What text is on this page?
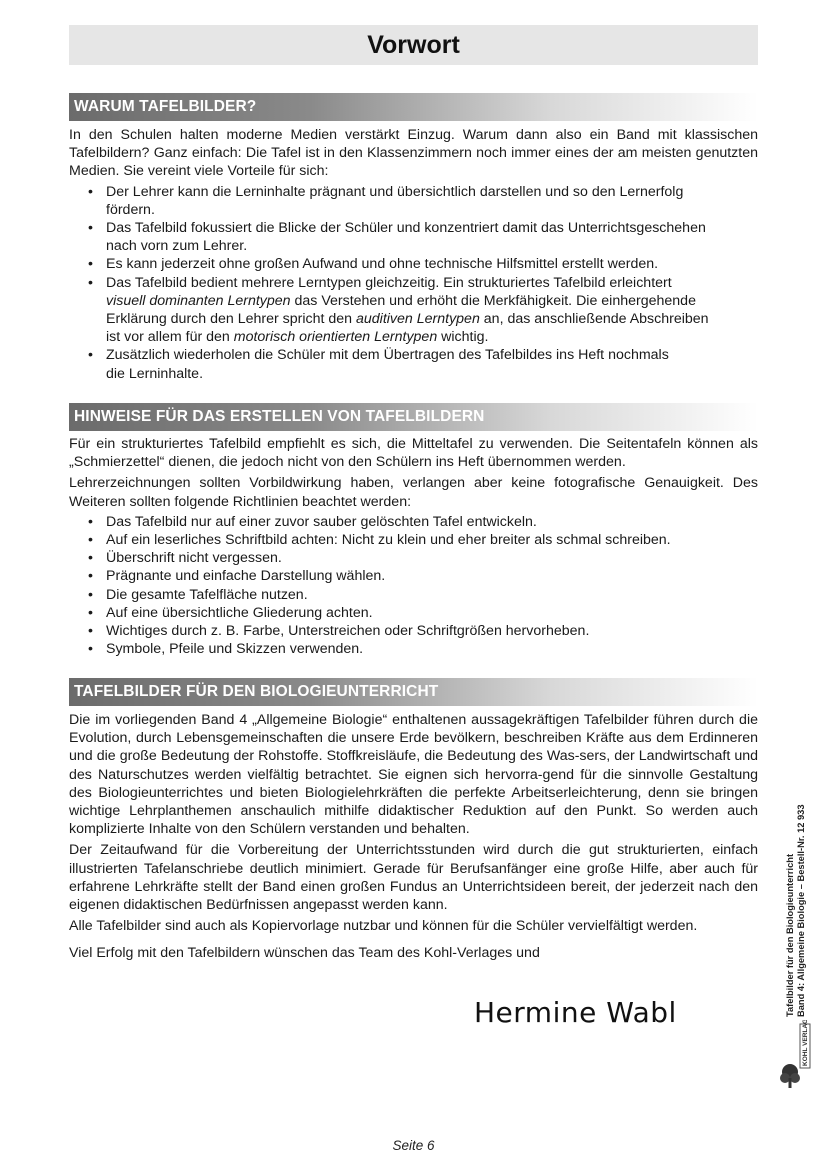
Vorwort
WARUM TAFELBILDER?

In den Schulen halten moderne Medien verstärkt Einzug. Warum dann also ein Band mit klassischen Tafelbildern? Ganz einfach: Die Tafel ist in den Klassenzimmern noch immer eines der am meisten genutzten Medien. Sie vereint viele Vorteile für sich:

• Der Lehrer kann die Lerninhalte prägnant und übersichtlich darstellen und so den Lernerfolg
fördern.
• Das Tafelbild fokussiert die Blicke der Schüler und konzentriert damit das Unterrichtsgeschehen
nach vorn zum Lehrer.
• Es kann jederzeit ohne großen Aufwand und ohne technische Hilfsmittel erstellt werden.
• Das Tafelbild bedient mehrere Lerntypen gleichzeitig. Ein strukturiertes Tafelbild erleichtert
visuell dominanten Lerntypen das Verstehen und erhöht die Merkfähigkeit. Die einhergehende
Erklärung durch den Lehrer spricht den auditiven Lerntypen an, das anschließende Abschreiben
ist vor allem für den motorisch orientierten Lerntypen wichtig.
• Zusätzlich wiederholen die Schüler mit dem Übertragen des Tafelbildes ins Heft nochmals
die Lerninhalte.
HINWEISE FÜR DAS ERSTELLEN VON TAFELBILDERN

Für ein strukturiertes Tafelbild empfiehlt es sich, die Mitteltafel zu verwenden. Die Seitentafeln können als „Schmierzettel“ dienen, die jedoch nicht von den Schülern ins Heft übernommen werden.

Lehrerzeichnungen sollten Vorbildwirkung haben, verlangen aber keine fotografische Genauigkeit. Des Weiteren sollten folgende Richtlinien beachtet werden:

• Das Tafelbild nur auf einer zuvor sauber gelöschten Tafel entwickeln.
• Auf ein leserliches Schriftbild achten: Nicht zu klein und eher breiter als schmal schreiben.
• Überschrift nicht vergessen.
• Prägnante und einfache Darstellung wählen.
• Die gesamte Tafelfläche nutzen.
• Auf eine übersichtliche Gliederung achten.
• Wichtiges durch z. B. Farbe, Unterstreichen oder Schriftgrößen hervorheben.
• Symbole, Pfeile und Skizzen verwenden.
TAFELBILDER FÜR DEN BIOLOGIEUNTERRICHT

Die im vorliegenden Band 4 „Allgemeine Biologie“ enthaltenen aussagekräftigen Tafelbilder führen durch die Evolution, durch Lebensgemeinschaften die unsere Erde bevölkern, beschreiben Kräfte aus dem Erdinneren und die große Bedeutung der Rohstoffe. Stoffkreisläufe, die Bedeutung des Was-sers, der Landwirtschaft und des Naturschutzes werden vielfältig betrachtet. Sie eignen sich hervorra-gend für die sinnvolle Gestaltung des Biologieunterrichtes und bieten Biologielehrkräften die perfekte Arbeitserleichterung, denn sie bringen wichtige Lehrplanthemen anschaulich mithilfe didaktischer Reduktion auf den Punkt. So werden auch komplizierte Inhalte von den Schülern verstanden und behalten.

Der Zeitaufwand für die Vorbereitung der Unterrichtsstunden wird durch die gut strukturierten, einfach illustrierten Tafelanschriebe deutlich minimiert. Gerade für Berufsanfänger eine große Hilfe, aber auch für erfahrene Lehrkräfte stellt der Band einen großen Fundus an Unterrichtsideen bereit, der jederzeit nach den eigenen didaktischen Bedürfnissen angepasst werden kann.

Alle Tafelbilder sind auch als Kopiervorlage nutzbar und können für die Schüler vervielfältigt werden.

Viel Erfolg mit den Tafelbildern wünschen das Team des Kohl-Verlages und

Hermine Wabl	Tafelbilder für den Biologieunterricht Band 4: Allgemeine Biologie – Bestell-Nr. 12 933
KOHL VERLAG
Seite 6
